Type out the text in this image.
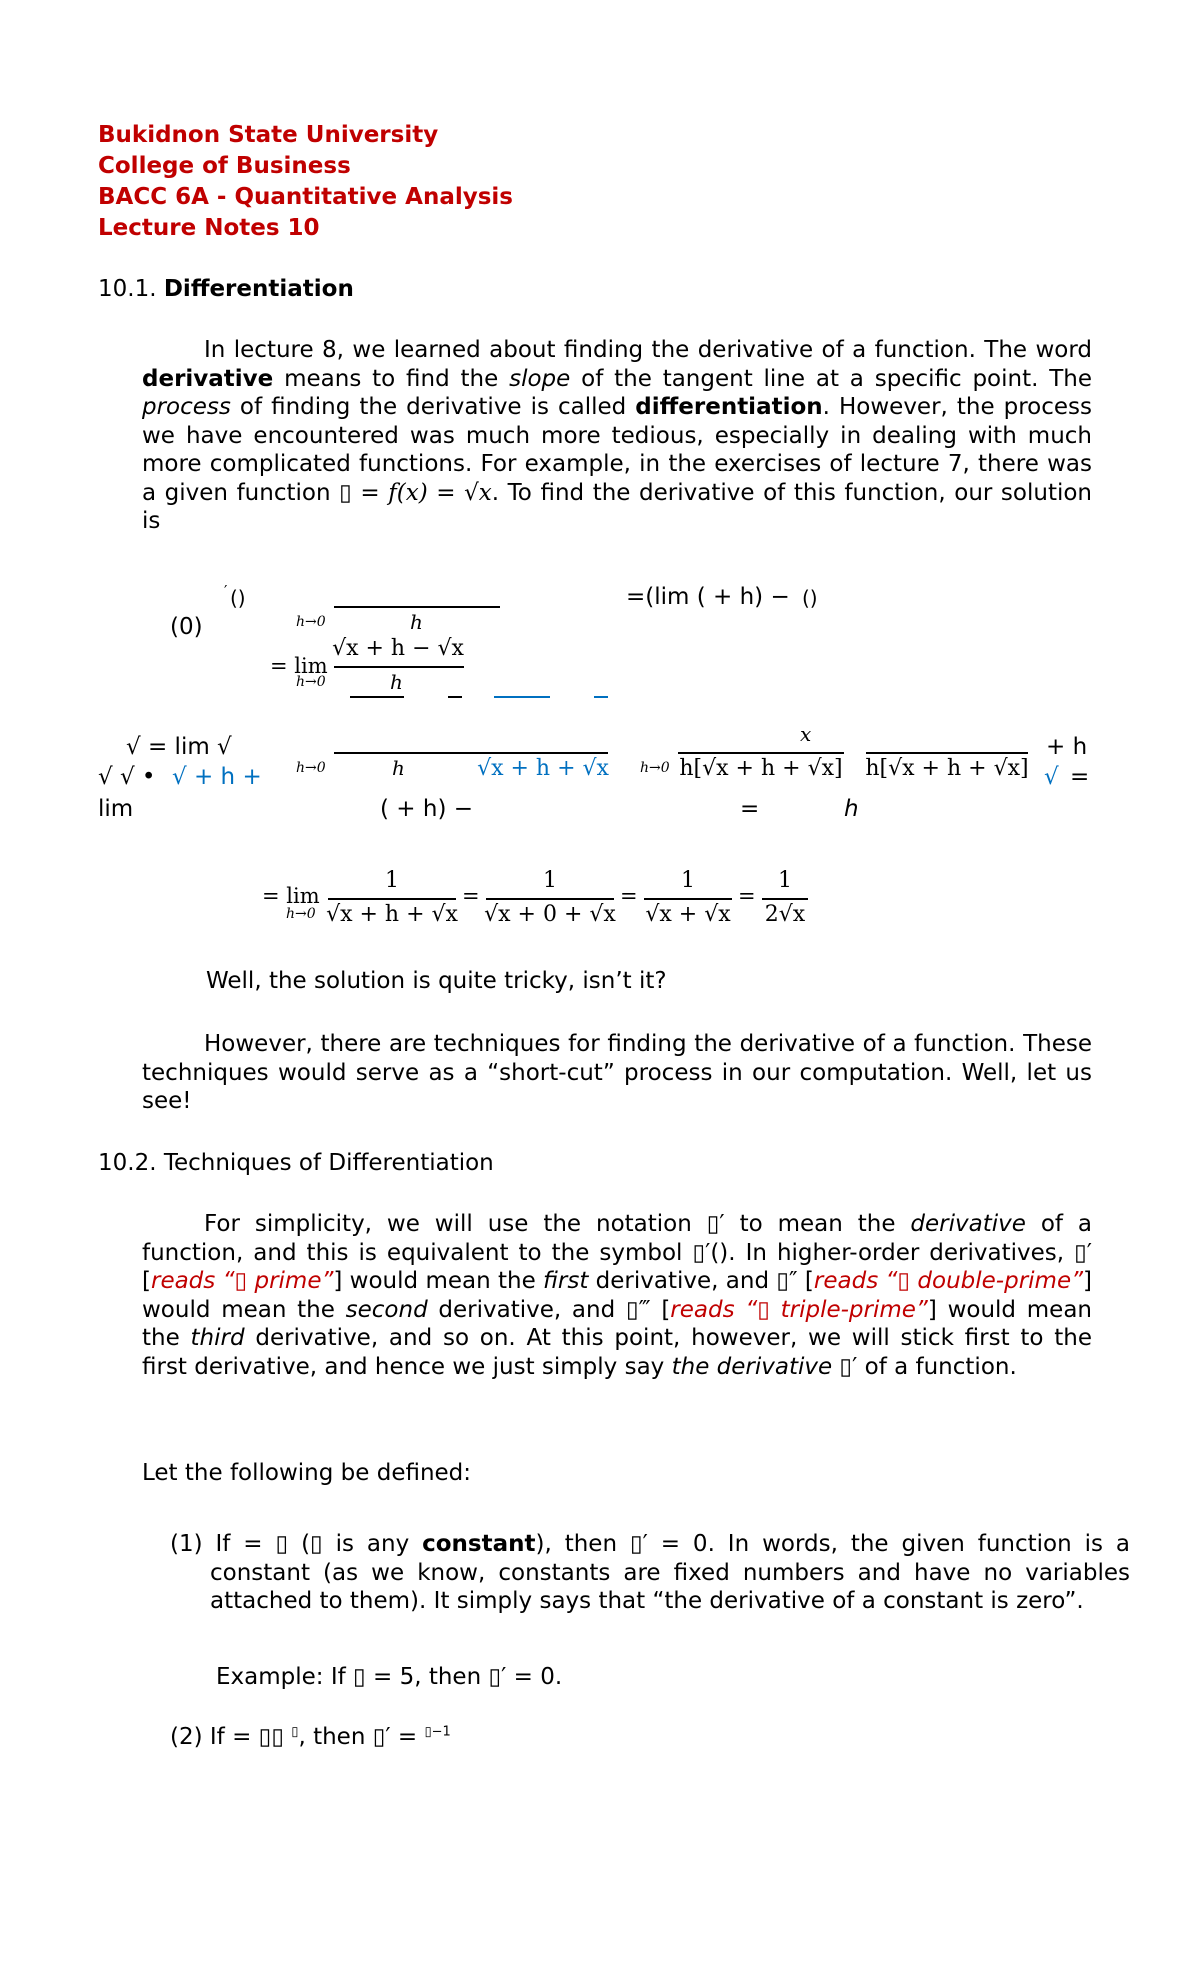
Bukidnon State University
College of Business
BACC 6A - Quantitative Analysis
Lecture Notes 10
10.1. Differentiation

In lecture 8, we learned about finding the derivative of a function. The word derivative means to find the slope of the tangent line at a specific point. The process of finding the derivative is called differentiation. However, the process we have encountered was much more tedious, especially in dealing with much more complicated functions. For example, in the exercises of lecture 7, there was a given function ▯ = f(x) = √x. To find the derivative of this function, our solution is

(0)
′ ()
h→0	h
=(lim ( + h) − ()
= lim
h→0
√x + h − √x
h
√ = lim √
h→0	h	√x + h + √x h→0
x
h[√x + h + √x] h[√x + h + √x]
+ h
√ √ • √ + h +	√ =
lim	( + h) −	=	h
= lim
h→0
1
√x + h + √x
=
1
√x + 0 + √x
=
1
√x + √x
=
1
2√x
Well, the solution is quite tricky, isn’t it?

However, there are techniques for finding the derivative of a function. These techniques would serve as a “short-cut” process in our computation. Well, let us see!

10.2. Techniques of Differentiation

For simplicity, we will use the notation ▯′ to mean the derivative of a function, and this is equivalent to the symbol ▯′(). In higher-order derivatives, ▯′ [reads “▯ prime”] would mean the first derivative, and ▯″ [reads “▯ double-prime”] would mean the second derivative, and ▯‴ [reads “▯ triple-prime”] would mean the third derivative, and so on. At this point, however, we will stick first to the first derivative, and hence we just simply say the derivative ▯′ of a function.

Let the following be defined:
(1) If = ▯ (▯ is any constant), then ▯′ = 0. In words, the given function is a constant (as we know, constants are fixed numbers and have no variables attached to them). It simply says that “the derivative of a constant is zero”.
Example: If ▯ = 5, then ▯′ = 0.
(2) If = ▯▯ ▯, then ▯′ = $^{▯-1}$
